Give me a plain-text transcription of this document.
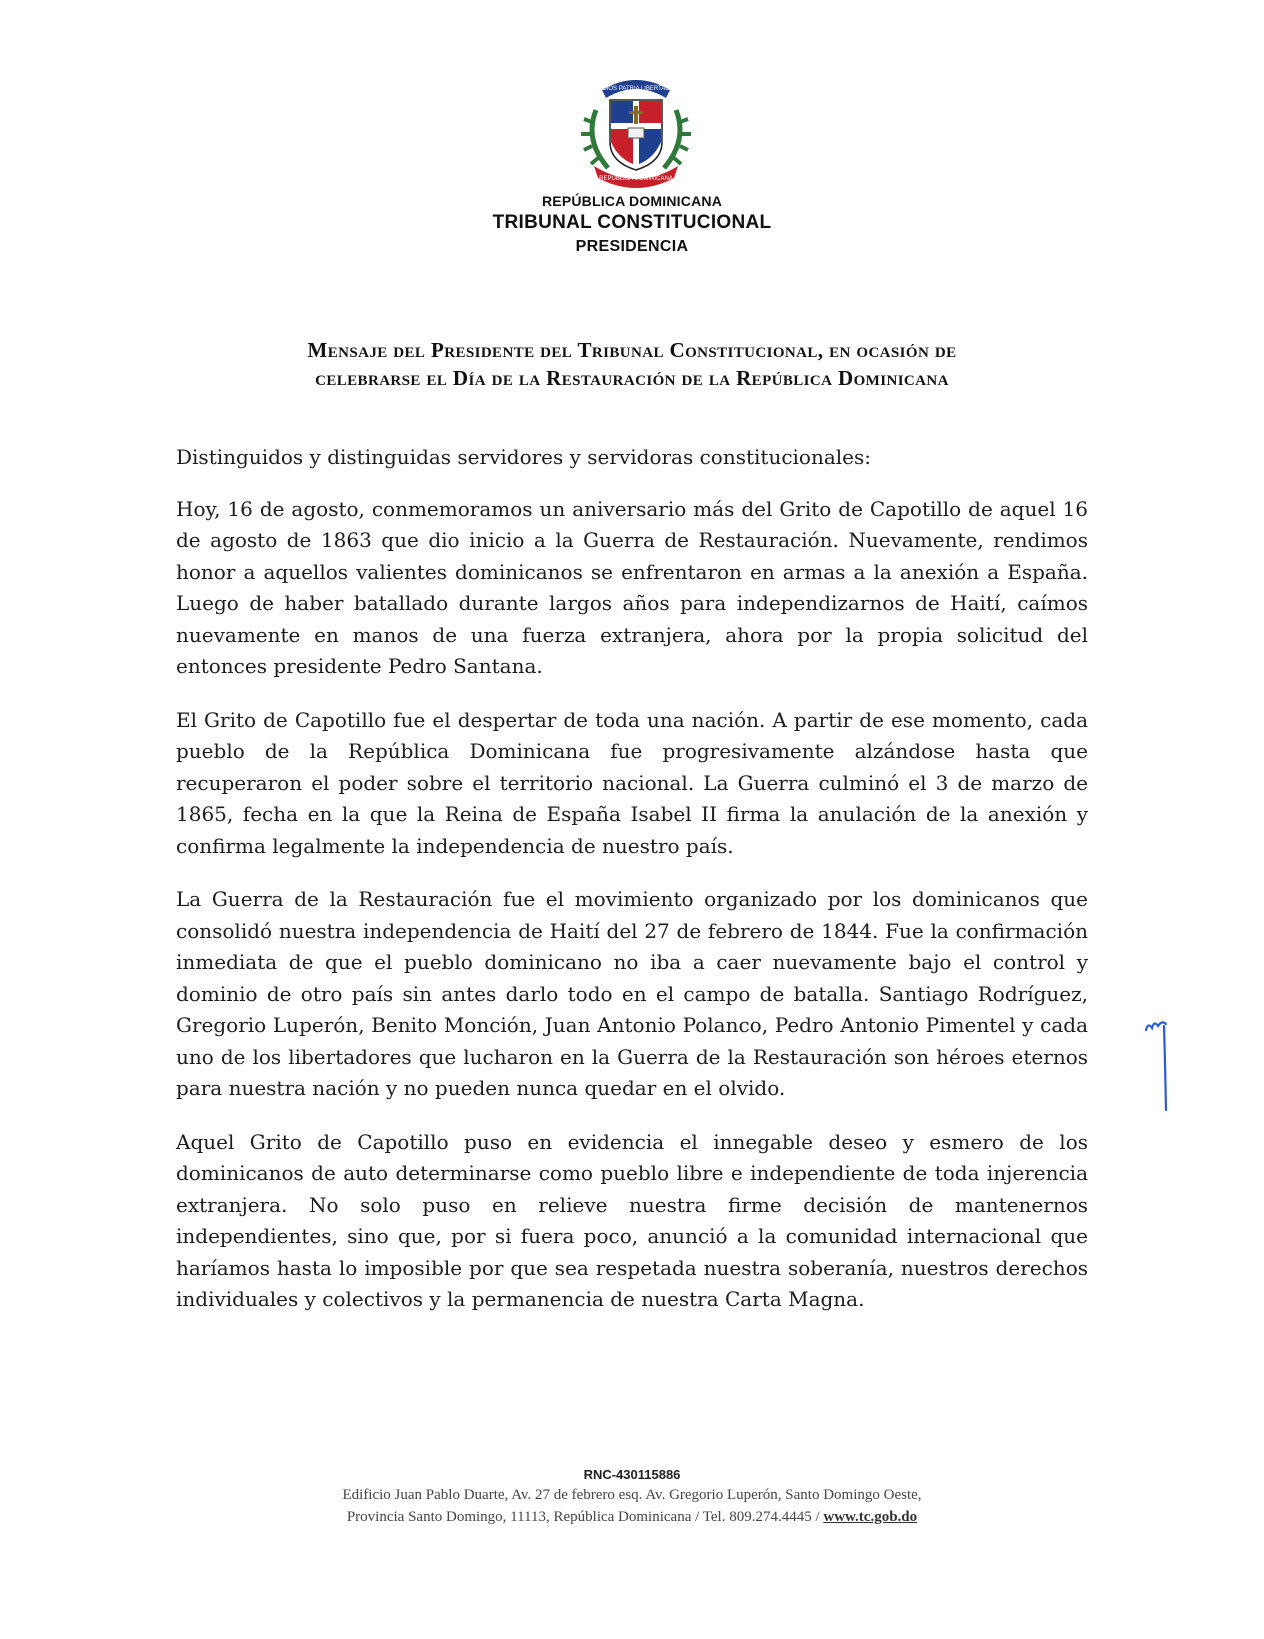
DIOS PATRIA LIBERTAD
REPÚBLICA DOMINICANA
REPÚBLICA DOMINICANA
TRIBUNAL CONSTITUCIONAL
PRESIDENCIA
Mensaje del Presidente del Tribunal Constitucional, en ocasión de
celebrarse el Día de la Restauración de la República Dominicana

Distinguidos y distinguidas servidores y servidoras constitucionales:

Hoy, 16 de agosto, conmemoramos un aniversario más del Grito de Capotillo de aquel 16 de agosto de 1863 que dio inicio a la Guerra de Restauración. Nuevamente, rendimos honor a aquellos valientes dominicanos se enfrentaron en armas a la anexión a España. Luego de haber batallado durante largos años para independizarnos de Haití, caímos nuevamente en manos de una fuerza extranjera, ahora por la propia solicitud del entonces presidente Pedro Santana.

El Grito de Capotillo fue el despertar de toda una nación. A partir de ese momento, cada pueblo de la República Dominicana fue progresivamente alzándose hasta que recuperaron el poder sobre el territorio nacional. La Guerra culminó el 3 de marzo de 1865, fecha en la que la Reina de España Isabel II firma la anulación de la anexión y confirma legalmente la independencia de nuestro país.

La Guerra de la Restauración fue el movimiento organizado por los dominicanos que consolidó nuestra independencia de Haití del 27 de febrero de 1844. Fue la confirmación inmediata de que el pueblo dominicano no iba a caer nuevamente bajo el control y dominio de otro país sin antes darlo todo en el campo de batalla. Santiago Rodríguez, Gregorio Luperón, Benito Monción, Juan Antonio Polanco, Pedro Antonio Pimentel y cada uno de los libertadores que lucharon en la Guerra de la Restauración son héroes eternos para nuestra nación y no pueden nunca quedar en el olvido.

Aquel Grito de Capotillo puso en evidencia el innegable deseo y esmero de los dominicanos de auto determinarse como pueblo libre e independiente de toda injerencia extranjera. No solo puso en relieve nuestra firme decisión de mantenernos independientes, sino que, por si fuera poco, anunció a la comunidad internacional que haríamos hasta lo imposible por que sea respetada nuestra soberanía, nuestros derechos individuales y colectivos y la permanencia de nuestra Carta Magna.

RNC-430115886
Edificio Juan Pablo Duarte, Av. 27 de febrero esq. Av. Gregorio Luperón, Santo Domingo Oeste,
Provincia Santo Domingo, 11113, República Dominicana / Tel. 809.274.4445 / www.tc.gob.do
